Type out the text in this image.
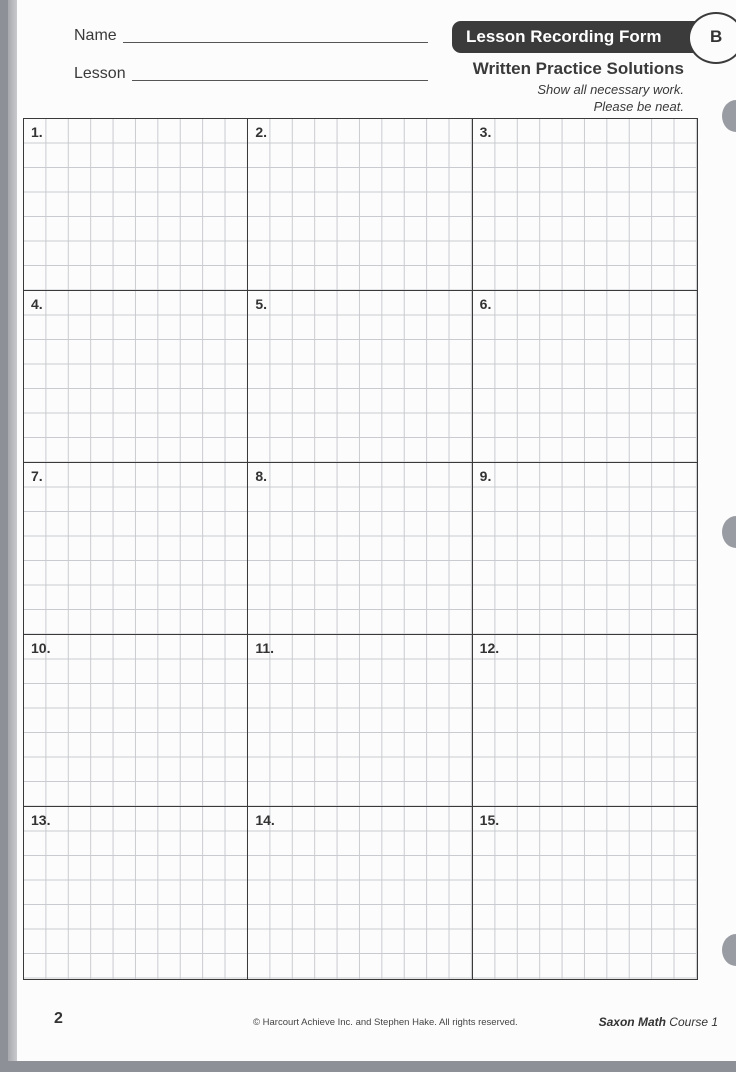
Name
Lesson
Lesson Recording Form	B
Written Practice Solutions
Show all necessary work.
Please be neat.
1.	2.	3.
4.	5.	6.
7.	8.	9.
10.	11.	12.
13.	14.	15.
2	© Harcourt Achieve Inc. and Stephen Hake. All rights reserved.	Saxon Math Course 1
